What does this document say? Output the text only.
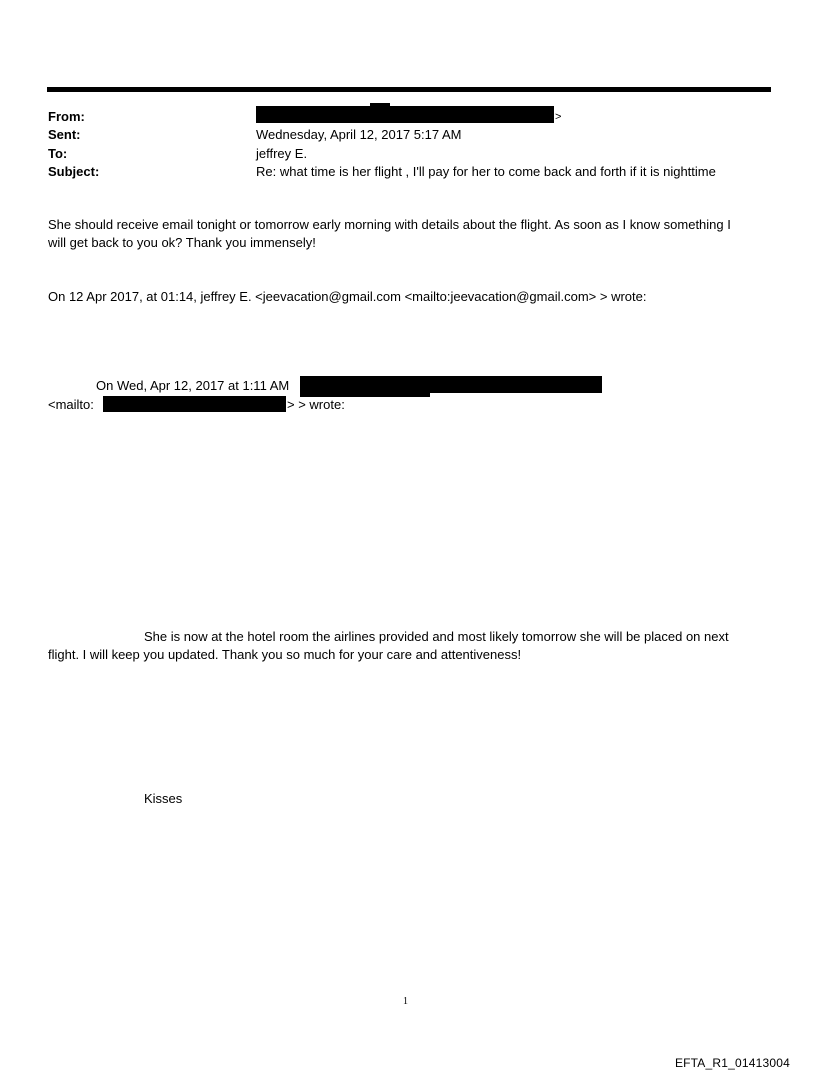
From:	>
Sent:	Wednesday, April 12, 2017 5:17 AM
To:	jeffrey E.
Subject:	Re: what time is her flight , I'll pay for her to come back and forth if it is nighttime
She should receive email tonight or tomorrow early morning with details about the flight. As soon as I know something I
will get back to you ok? Thank you immensely!
On 12 Apr 2017, at 01:14, jeffrey E. <jeevacation@gmail.com <mailto:jeevacation@gmail.com> > wrote:
On Wed, Apr 12, 2017 at 1:11 AM
<mailto:	> > wrote:
She is now at the hotel room the airlines provided and most likely tomorrow she will be placed on next
flight. I will keep you updated. Thank you so much for your care and attentiveness!
Kisses
1
EFTA_R1_01413004
